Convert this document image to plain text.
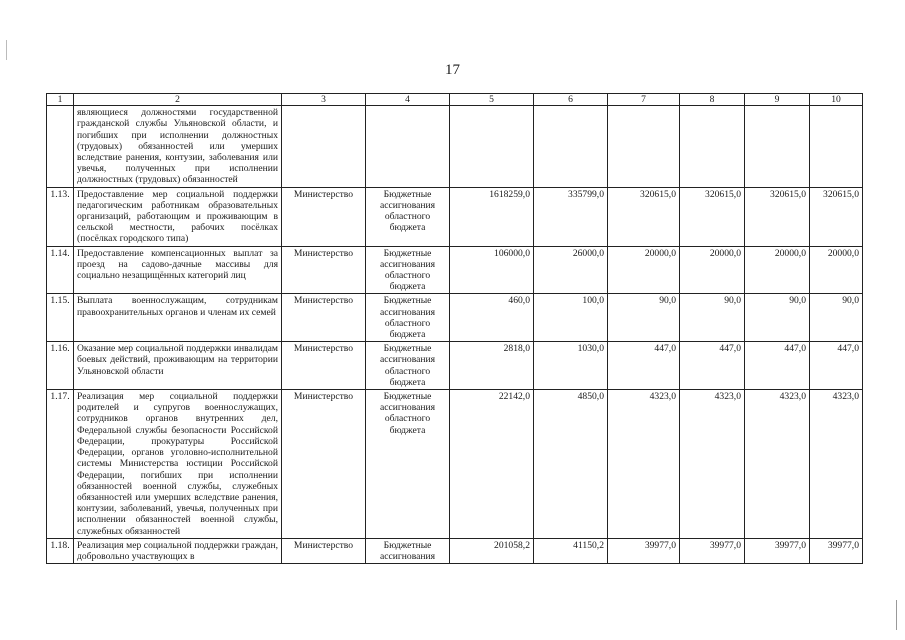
17
1	2	3	4	5	6	7	8	9	10
	являющиеся должностями государственной гражданской службы Ульяновской области, и погибших при исполнении должностных (трудовых) обязанностей или умерших вследствие ранения, контузии, заболевания или увечья, полученных при исполнении должностных (трудовых) обязанностей								
1.13.	Предоставление мер социальной поддержки педагогическим работникам образовательных организаций, работающим и проживающим в сельской местности, рабочих посёлках (посёлках городского типа)	Министерство	Бюджетные ассигнования областного бюджета	1618259,0	335799,0	320615,0	320615,0	320615,0	320615,0
1.14.	Предоставление компенсационных выплат за проезд на садово-дачные массивы для социально незащищённых категорий лиц	Министерство	Бюджетные ассигнования областного бюджета	106000,0	26000,0	20000,0	20000,0	20000,0	20000,0
1.15.	Выплата военнослужащим, сотрудникам правоохранительных органов и членам их семей	Министерство	Бюджетные ассигнования областного бюджета	460,0	100,0	90,0	90,0	90,0	90,0
1.16.	Оказание мер социальной поддержки инвалидам боевых действий, проживающим на территории Ульяновской области	Министерство	Бюджетные ассигнования областного бюджета	2818,0	1030,0	447,0	447,0	447,0	447,0
1.17.	Реализация мер социальной поддержки родителей и супругов военнослужащих, сотрудников органов внутренних дел, Федеральной службы безопасности Российской Федерации, прокуратуры Российской Федерации, органов уголовно-исполнительной системы Министерства юстиции Российской Федерации, погибших при исполнении обязанностей военной службы, служебных обязанностей или умерших вследствие ранения, контузии, заболеваний, увечья, полученных при исполнении обязанностей военной службы, служебных обязанностей	Министерство	Бюджетные ассигнования областного бюджета	22142,0	4850,0	4323,0	4323,0	4323,0	4323,0
1.18.	Реализация мер социальной поддержки граждан, добровольно участвующих в	Министерство	Бюджетные ассигнования	201058,2	41150,2	39977,0	39977,0	39977,0	39977,0
